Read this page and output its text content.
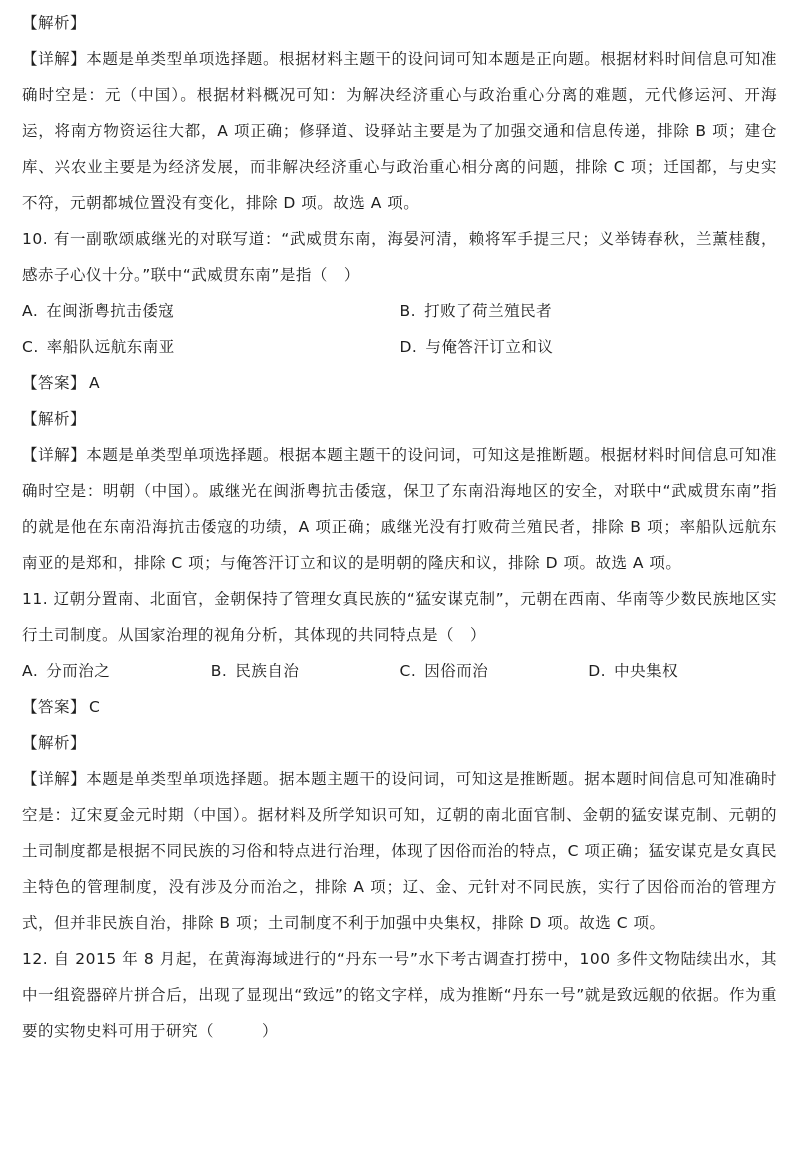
【解析】

【详解】本题是单类型单项选择题。根据材料主题干的设问词可知本题是正向题。根据材料时间信息可知准确时空是：元（中国）。根据材料概况可知：为解决经济重心与政治重心分离的难题，元代修运河、开海运，将南方物资运往大都，A 项正确；修驿道、设驿站主要是为了加强交通和信息传递，排除 B 项；建仓库、兴农业主要是为经济发展，而非解决经济重心与政治重心相分离的问题，排除 C 项；迁国都，与史实不符，元朝都城位置没有变化，排除 D 项。故选 A 项。

10. 有一副歌颂戚继光的对联写道：“武威贯东南，海晏河清，赖将军手提三尺；义举铸春秋，兰薰桂馥，感赤子心仪十分。”联中“武威贯东南”是指（　）

A. 在闽浙粤抗击倭寇	B. 打败了荷兰殖民者
C. 率船队远航东南亚	D. 与俺答汗订立和议

【答案】 A

【解析】

【详解】本题是单类型单项选择题。根据本题主题干的设问词，可知这是推断题。根据材料时间信息可知准确时空是：明朝（中国）。戚继光在闽浙粤抗击倭寇，保卫了东南沿海地区的安全，对联中“武威贯东南”指的就是他在东南沿海抗击倭寇的功绩，A 项正确；戚继光没有打败荷兰殖民者，排除 B 项；率船队远航东南亚的是郑和，排除 C 项；与俺答汗订立和议的是明朝的隆庆和议，排除 D 项。故选 A 项。

11. 辽朝分置南、北面官，金朝保持了管理女真民族的“猛安谋克制”，元朝在西南、华南等少数民族地区实行土司制度。从国家治理的视角分析，其体现的共同特点是（　）

A. 分而治之	B. 民族自治	C. 因俗而治	D. 中央集权

【答案】 C

【解析】

【详解】本题是单类型单项选择题。据本题主题干的设问词，可知这是推断题。据本题时间信息可知准确时空是：辽宋夏金元时期（中国）。据材料及所学知识可知，辽朝的南北面官制、金朝的猛安谋克制、元朝的土司制度都是根据不同民族的习俗和特点进行治理，体现了因俗而治的特点，C 项正确；猛安谋克是女真民主特色的管理制度，没有涉及分而治之，排除 A 项；辽、金、元针对不同民族，实行了因俗而治的管理方式，但并非民族自治，排除 B 项；土司制度不利于加强中央集权，排除 D 项。故选 C 项。

12. 自 2015 年 8 月起，在黄海海域进行的“丹东一号”水下考古调查打捞中，100 多件文物陆续出水，其中一组瓷器碎片拼合后，出现了显现出“致远”的铭文字样，成为推断“丹东一号”就是致远舰的依据。作为重要的实物史料可用于研究（　　　）
